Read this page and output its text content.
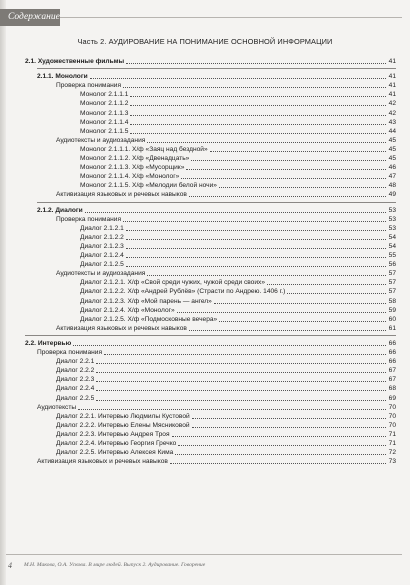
Содержание
Часть 2. АУДИРОВАНИЕ НА ПОНИМАНИЕ ОСНОВНОЙ ИНФОРМАЦИИ
2.1. Художественные фильмы	41
2.1.1. Монологи	41
Проверка понимания	41
Монолог 2.1.1.1	41
Монолог 2.1.1.2	42
Монолог 2.1.1.3	42
Монолог 2.1.1.4	43
Монолог 2.1.1.5	44
Аудиотексты и аудиозадания	45
Монолог 2.1.1.1. Х/ф «Заяц над бездной»	45
Монолог 2.1.1.2. Х/ф «Двенадцать»	45
Монолог 2.1.1.3. Х/ф «Мусорщик»	46
Монолог 2.1.1.4. Х/ф «Монолог»	47
Монолог 2.1.1.5. Х/ф «Мелодии белой ночи»	48
Активизация языковых и речевых навыков	49
2.1.2. Диалоги	53
Проверка понимания	53
Диалог 2.1.2.1	53
Диалог 2.1.2.2	54
Диалог 2.1.2.3	54
Диалог 2.1.2.4	55
Диалог 2.1.2.5	56
Аудиотексты и аудиозадания	57
Диалог 2.1.2.1. Х/ф «Свой среди чужих, чужой среди своих»	57
Диалог 2.1.2.2. Х/ф «Андрей Рублёв» (Страсти по Андрею. 1406 г.)	57
Диалог 2.1.2.3. Х/ф «Мой парень — ангел»	58
Диалог 2.1.2.4. Х/ф «Монолог»	59
Диалог 2.1.2.5. Х/ф «Подмосковные вечера»	60
Активизация языковых и речевых навыков	61
2.2. Интервью	66
Проверка понимания	66
Диалог 2.2.1	66
Диалог 2.2.2	67
Диалог 2.2.3	67
Диалог 2.2.4	68
Диалог 2.2.5	69
Аудиотексты	70
Диалог 2.2.1. Интервью Людмилы Кустовой	70
Диалог 2.2.2. Интервью Елены Мясниковой	70
Диалог 2.2.3. Интервью Андрея Троя	71
Диалог 2.2.4. Интервью Георгия Гречко	71
Диалог 2.2.5. Интервью Алексея Кима	72
Активизация языковых и речевых навыков	73
4 М.Н. Макова, О.А. Ускова. В мире людей. Выпуск 2. Аудирование. Говорение
